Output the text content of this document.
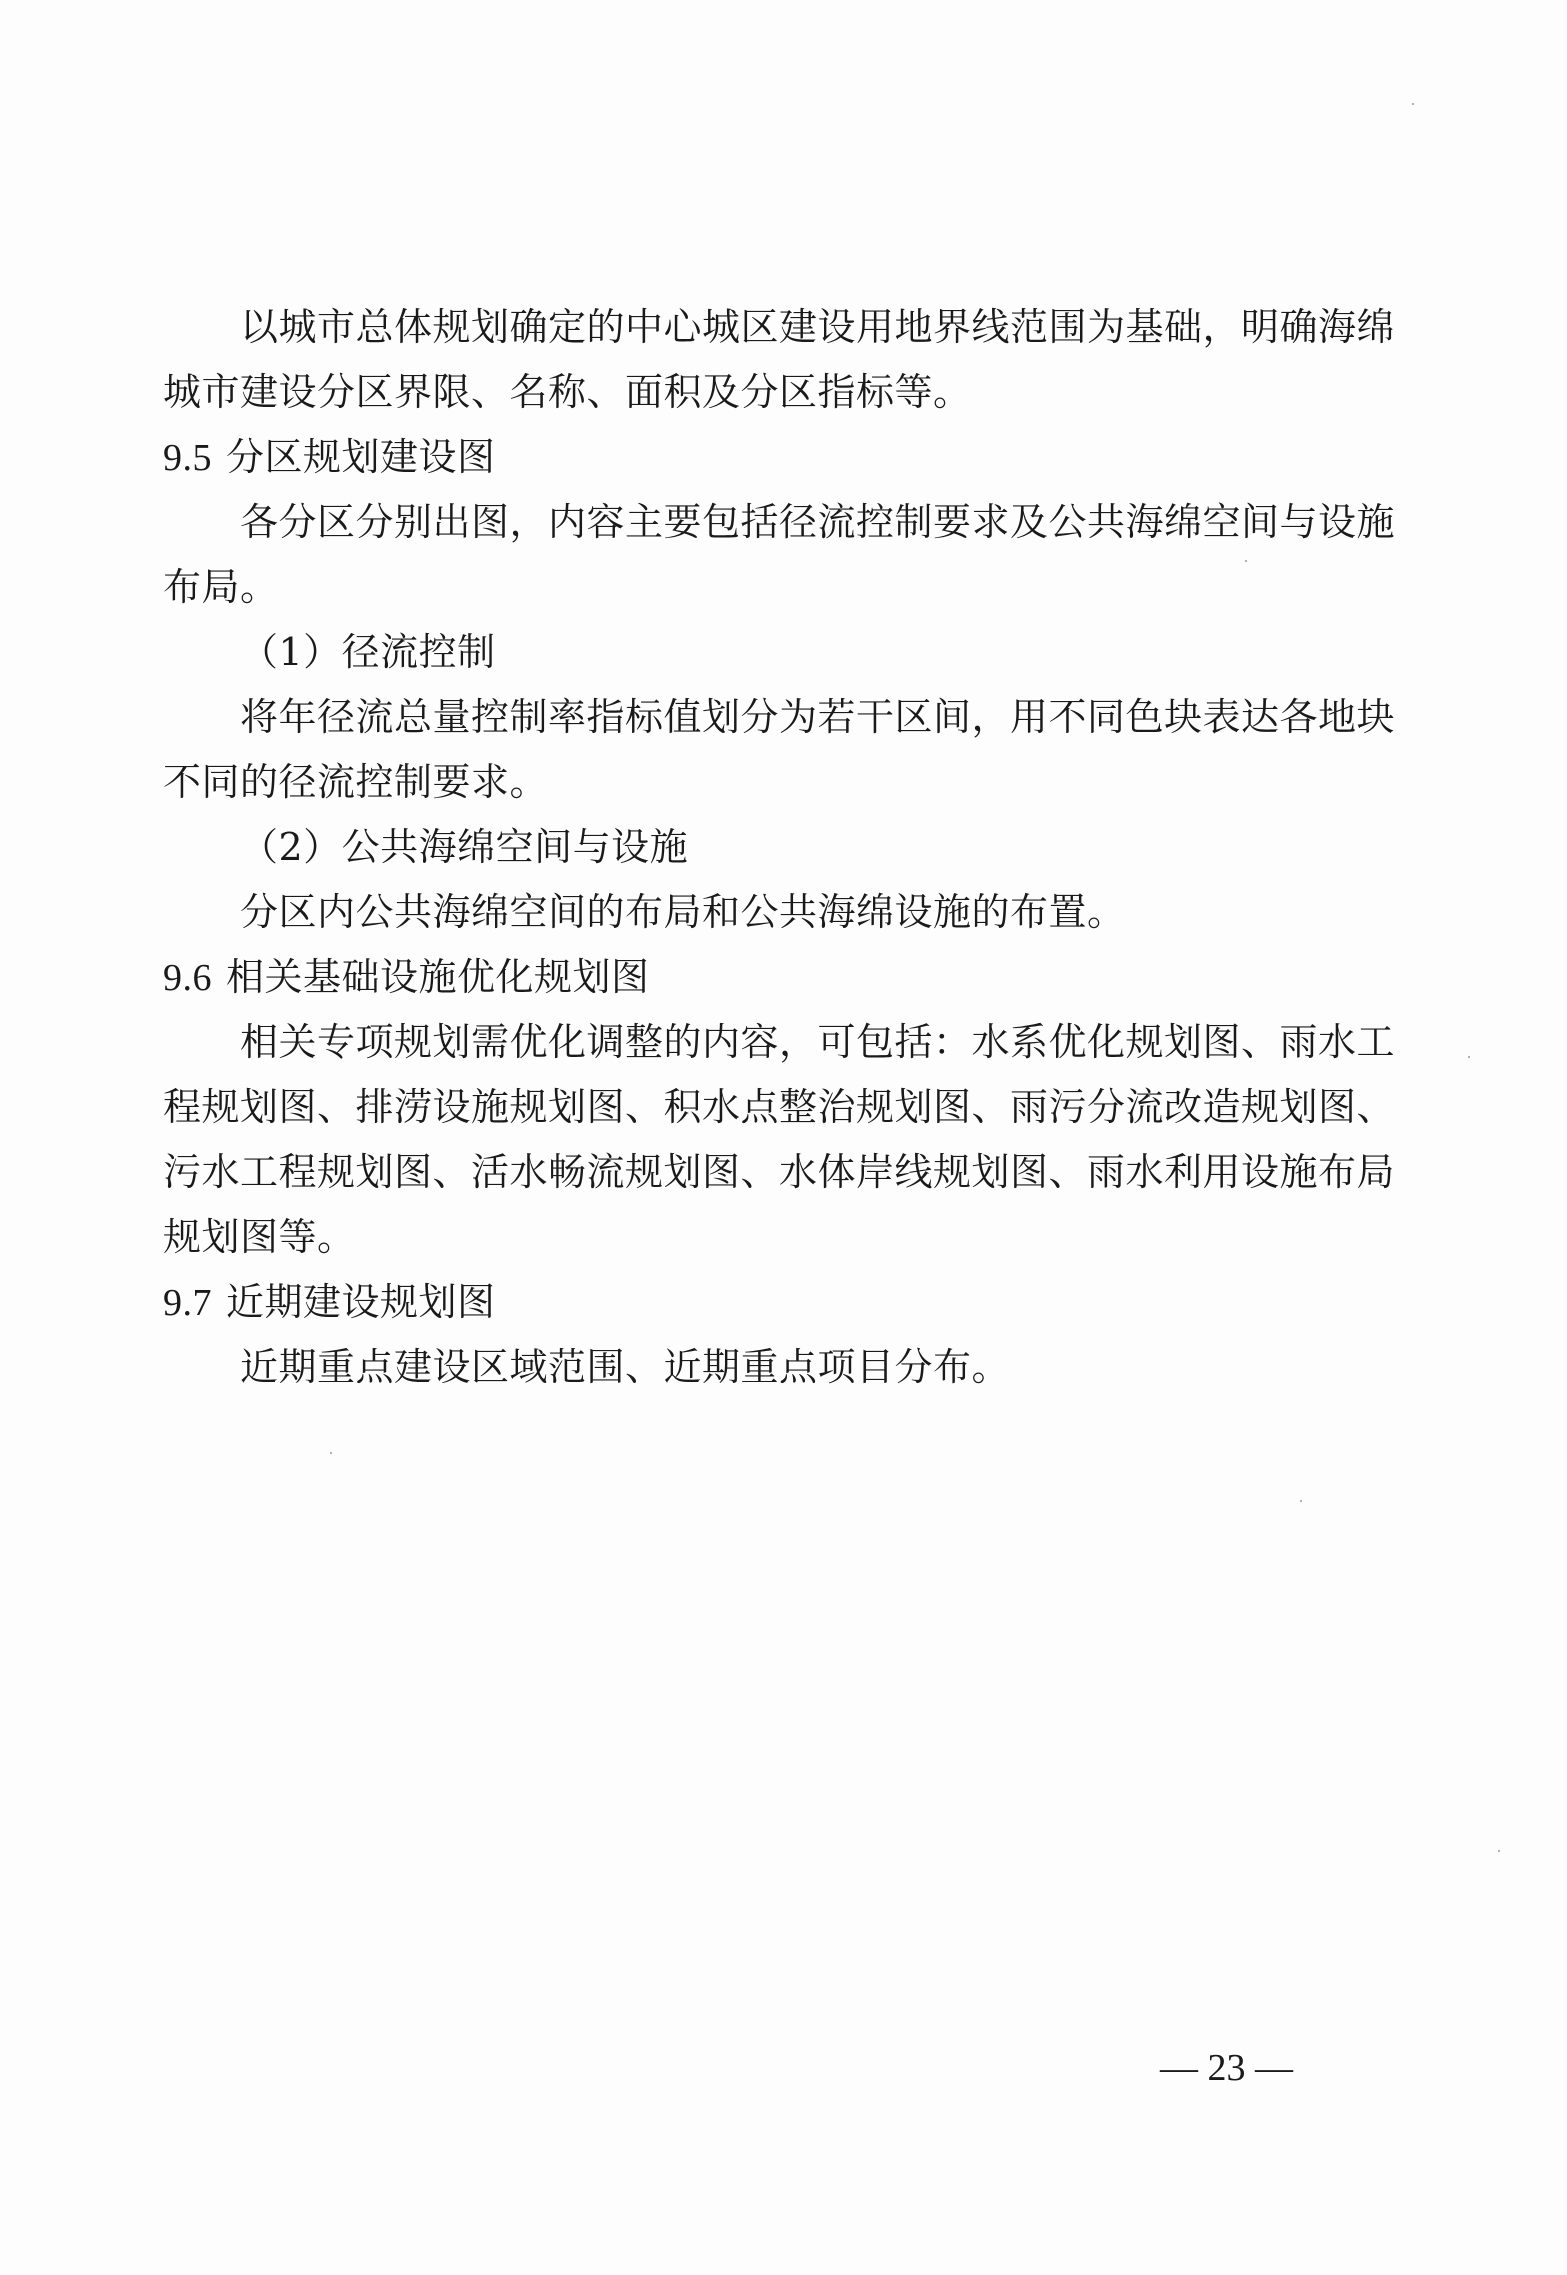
以城市总体规划确定的中心城区建设用地界线范围为基础，明确海绵
城市建设分区界限、名称、面积及分区指标等。
9.5 分区规划建设图
各分区分别出图，内容主要包括径流控制要求及公共海绵空间与设施
布局。
（1）径流控制
将年径流总量控制率指标值划分为若干区间，用不同色块表达各地块
不同的径流控制要求。
（2）公共海绵空间与设施
分区内公共海绵空间的布局和公共海绵设施的布置。
9.6 相关基础设施优化规划图
相关专项规划需优化调整的内容，可包括：水系优化规划图、雨水工
程规划图、排涝设施规划图、积水点整治规划图、雨污分流改造规划图、
污水工程规划图、活水畅流规划图、水体岸线规划图、雨水利用设施布局
规划图等。
9.7 近期建设规划图
近期重点建设区域范围、近期重点项目分布。
— 23 —
